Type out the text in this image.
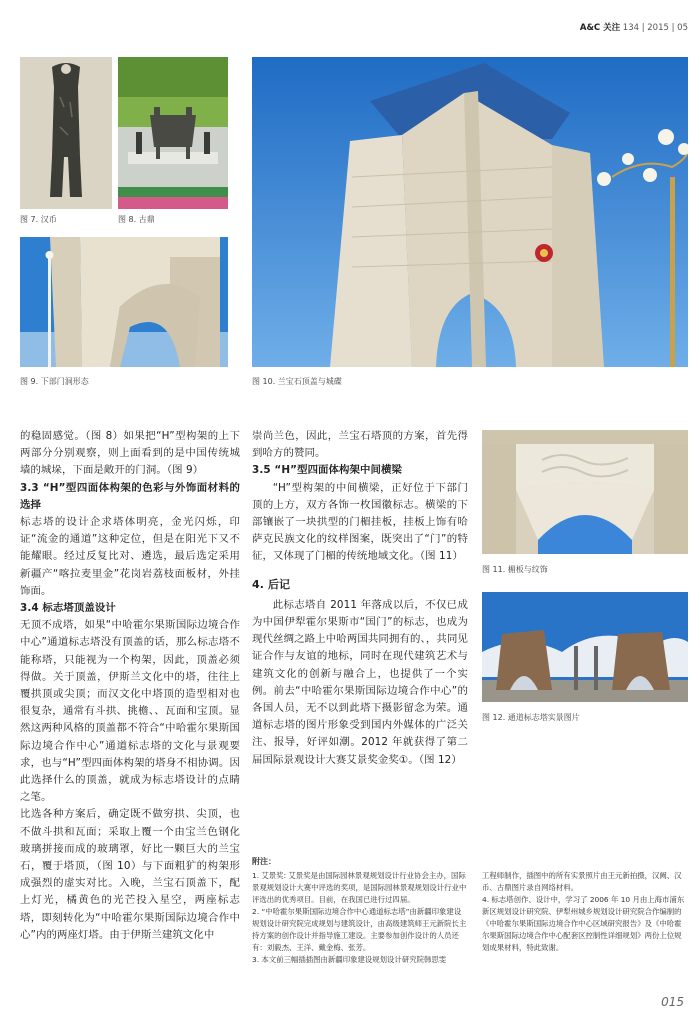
A&C 关注 134 | 2015 | 05
图 7. 汉币	图 8. 古鼎
图 9. 下部门洞形态	图 10. 兰宝石顶盖与城碟
图 11. 楣板与纹饰
图 12. 通道标志塔实景图片

的稳固感觉。（图 8）如果把“H”型构架的上下两部分分别观察，则上面看到的是中国传统城墙的城垛，下面是敞开的门洞。（图 9）

3.3 “H”型四面体构架的色彩与外饰面材料的选择

标志塔的设计企求塔体明亮，金光闪烁，印证“流金的通道”这种定位，但是在阳光下又不能耀眼。经过反复比对、遴选，最后选定采用新疆产“喀拉麦里金”花岗岩荔枝面板材，外挂饰面。

3.4 标志塔顶盖设计

无顶不成塔，如果“中哈霍尔果斯国际边境合作中心”通道标志塔没有顶盖的话，那么标志塔不能称塔，只能视为一个构架，因此，顶盖必须得做。关于顶盖，伊斯兰文化中的塔，往往上覆拱顶或尖顶；而汉文化中塔顶的造型相对也很复杂，通常有斗拱、挑檐、、瓦面和宝顶。显然这两种风格的顶盖都不符合“中哈霍尔果斯国际边境合作中心”通道标志塔的文化与景观要求，也与“H”型四面体构架的塔身不相协调。因此选择什么的顶盖，就成为标志塔设计的点睛之笔。

比选各种方案后，确定既不做穷拱、尖顶，也不做斗拱和瓦面；采取上覆一个由宝兰色钢化玻璃拼接而成的玻璃罩，好比一颗巨大的兰宝石，覆于塔顶，（图 10）与下面粗犷的构架形成强烈的虚实对比。入晚，兰宝石顶盖下，配上灯光，橘黄色的光芒投入星空，两座标志塔，即刻转化为“中哈霍尔果斯国际边境合作中心”内的两座灯塔。由于伊斯兰建筑文化中

崇尚兰色，因此，兰宝石塔顶的方案，首先得到哈方的赞同。

3.5 “H”型四面体构架中间横梁

“H”型构架的中间横梁，正好位于下部门顶的上方，双方各饰一枚国徽标志。横梁的下部镶嵌了一块拱型的门楣挂板，挂板上饰有哈萨克民族文化的纹样图案，既突出了“门”的特征，又体现了门楣的传统地域文化。（图 11）

4. 后记

此标志塔自 2011 年落成以后，不仅已成为中国伊犁霍尔果斯市“国门”的标志，也成为现代丝绸之路上中哈两国共同拥有的、，共同见证合作与友谊的地标，同时在现代建筑艺术与建筑文化的创新与融合上，也提供了一个实例。前去“中哈霍尔果斯国际边境合作中心”的各国人员，无不以到此塔下摄影留念为荣。通道标志塔的图片形象受到国内外媒体的广泛关注、报导，好评如潮。2012 年就获得了第二届国际景观设计大赛艾景奖金奖①。（图 12）

附注：

1. 艾景奖: 艾景奖是由国际园林景观规划设计行业协会主办，国际景观规划设计大赛中评选的奖项，是国际园林景观规划设计行业中评选出的优秀项目。目前，在我国已进行过四届。

2. “中哈霍尔果斯国际边境合作中心通道标志塔”由新疆印象建设规划设计研究院完成规划与建筑设计，由高级建筑师王元新院长主持方案的创作设计并指导施工建设。主要参加创作设计的人员还有：刘毅杰、王洋、戴金梅、张芳。

3. 本文前三幅插插图由新疆印象建设规划设计研究院韩思雯

工程师制作，插图中的所有实景照片由王元新拍摄，汉阙、汉币、古鼎图片录自网络材料。

4. 标志塔创作、设计中，学习了 2006 年 10 月由上海市浦东新区规划设计研究院、伊犁州城乡规划设计研究院合作编制的《中哈霍尔果斯国际边境合作中心区域研究报告》及《中哈霍尔果斯国际边境合作中心配套区控制性详细规划》两份上位规划成果材料，特此致谢。

015
